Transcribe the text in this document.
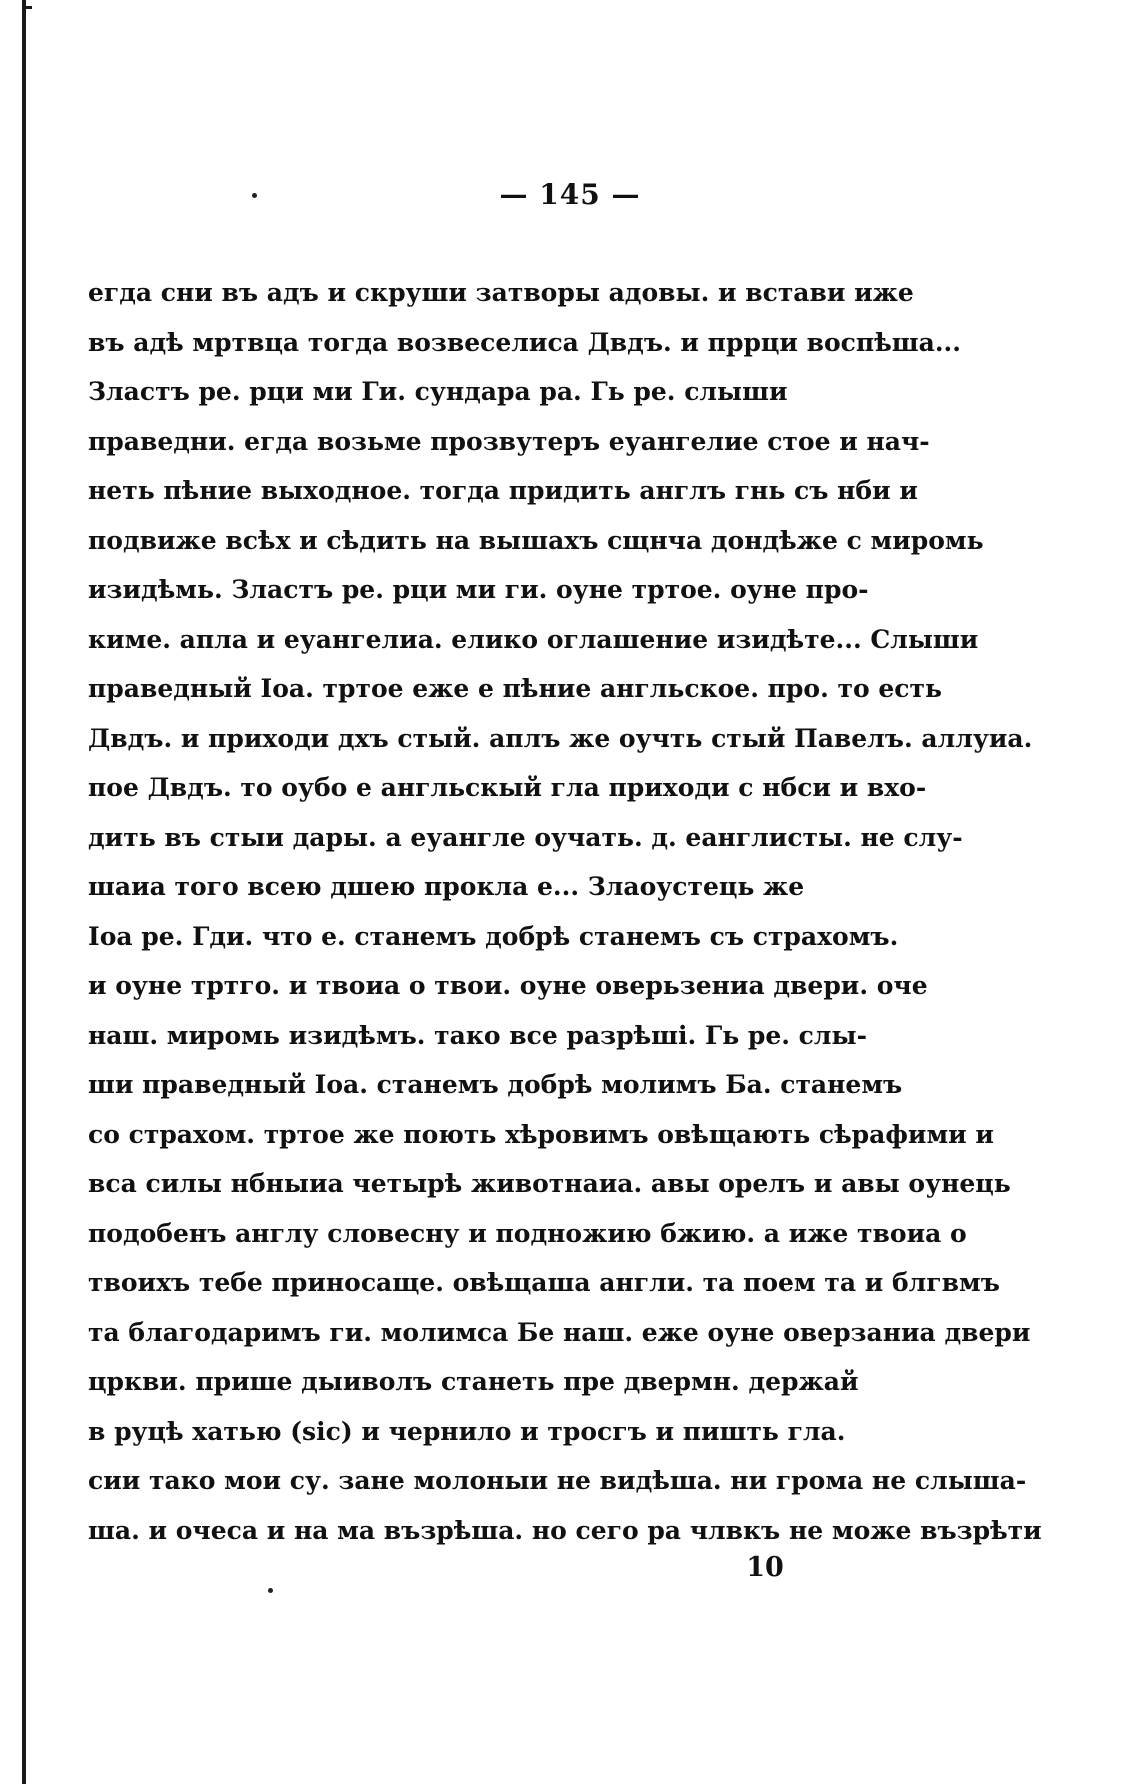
— 145 —
егда сни въ адъ и скруши затворы адовы. и встави иже
въ адѣ мртвца тогда возвеселиса Двдъ. и пррци воспѣша...
Злаcтъ ре. рци ми Ги. сундара ра. Гь ре. слыши
праведни. егда возьме прозвутеръ еуангелие стое и нач-
неть пѣние выходное. тогда придить англъ гнь съ нби и
подвиже всѣх и сѣдить на вышахъ сщнча дондѣже с миромь
изидѣмь. Злаcтъ ре. рци ми ги. оуне тртое. оуне про-
киме. апла и еуангелиа. елико оглашение изидѣте... Слыши
праведный Іоа. тртое еже е пѣние англьское. про. то есть
Двдъ. и приходи дхъ стый. аплъ же оучть стый Павелъ. аллуиа.
пое Двдъ. то оубо е англьскый гла приходи с нбси и вхо-
дить въ стыи дары. а еуангле оучать. д. еанглисты. не слу-
шаиа того всею дшею прокла е... Злаоустець же
Іоа ре. Гди. что е. станемъ добрѣ станемъ съ страхомъ.
и оуне тртго. и твоиа о твои. оуне оверьзениа двери. оче
наш. миромь изидѣмъ. тако все разрѣші. Гь ре. слы-
ши праведный Іоа. станемъ добрѣ молимъ Ба. станемъ
со страхом. тртое же поють хѣровимъ овѣщають сѣрафими и
вса силы нбныиа четырѣ животнаиа. авы орелъ и авы оунець
подобенъ англу словесну и подножию бжию. а иже твоиа о
твоихъ тебе приносаще. овѣщаша англи. та поем та и блгвмъ
та благодаримъ ги. молимса Бе наш. еже оуне оверзаниа двери
цркви. прише дыиволъ станеть пре двермн. держай
в руцѣ хатью (sic) и чернило и тросгъ и пишть гла.
сии тако мои су. зане молоныи не видѣша. ни грома не слыша-
ша. и очеса и на ма възрѣша. но сего ра члвкъ не може възрѣти
10
